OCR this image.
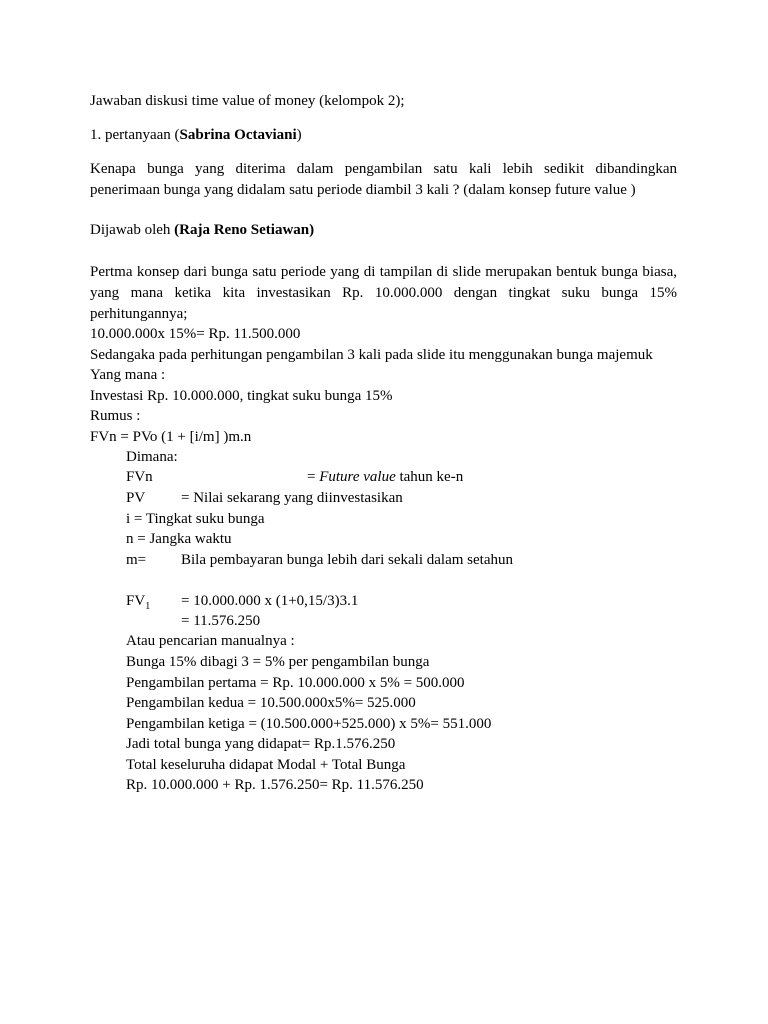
Jawaban diskusi time value of money (kelompok 2);
1. pertanyaan (Sabrina Octaviani)
Kenapa bunga yang diterima dalam pengambilan satu kali lebih sedikit dibandingkan
penerimaan bunga yang didalam satu periode diambil 3 kali ? (dalam konsep future value )
Dijawab oleh (Raja Reno Setiawan)
Pertma konsep dari bunga satu periode yang di tampilan di slide merupakan bentuk bunga biasa,
yang mana ketika kita investasikan Rp. 10.000.000 dengan tingkat suku bunga 15%
perhitungannya;
10.000.000x 15%= Rp. 11.500.000
Sedangaka pada perhitungan pengambilan 3 kali pada slide itu menggunakan bunga majemuk
Yang mana :
Investasi Rp. 10.000.000, tingkat suku bunga 15%
Rumus :
FVn = PVo (1 + [i/m] )m.n
Dimana:
FVn	= Future value tahun ke-n
PV = Nilai sekarang yang diinvestasikan
i = Tingkat suku bunga
n = Jangka waktu
m= Bila pembayaran bunga lebih dari sekali dalam setahun
$FV_1 = 10.000.000$ x (1+0,15/3)3.1
= 11.576.250
Atau pencarian manualnya :
Bunga 15% dibagi 3 = 5% per pengambilan bunga
Pengambilan pertama = Rp. 10.000.000 x 5% = 500.000
Pengambilan kedua = 10.500.000x5%= 525.000
Pengambilan ketiga = (10.500.000+525.000) x 5%= 551.000
Jadi total bunga yang didapat= Rp.1.576.250
Total keseluruha didapat Modal + Total Bunga
Rp. 10.000.000 + Rp. 1.576.250= Rp. 11.576.250
